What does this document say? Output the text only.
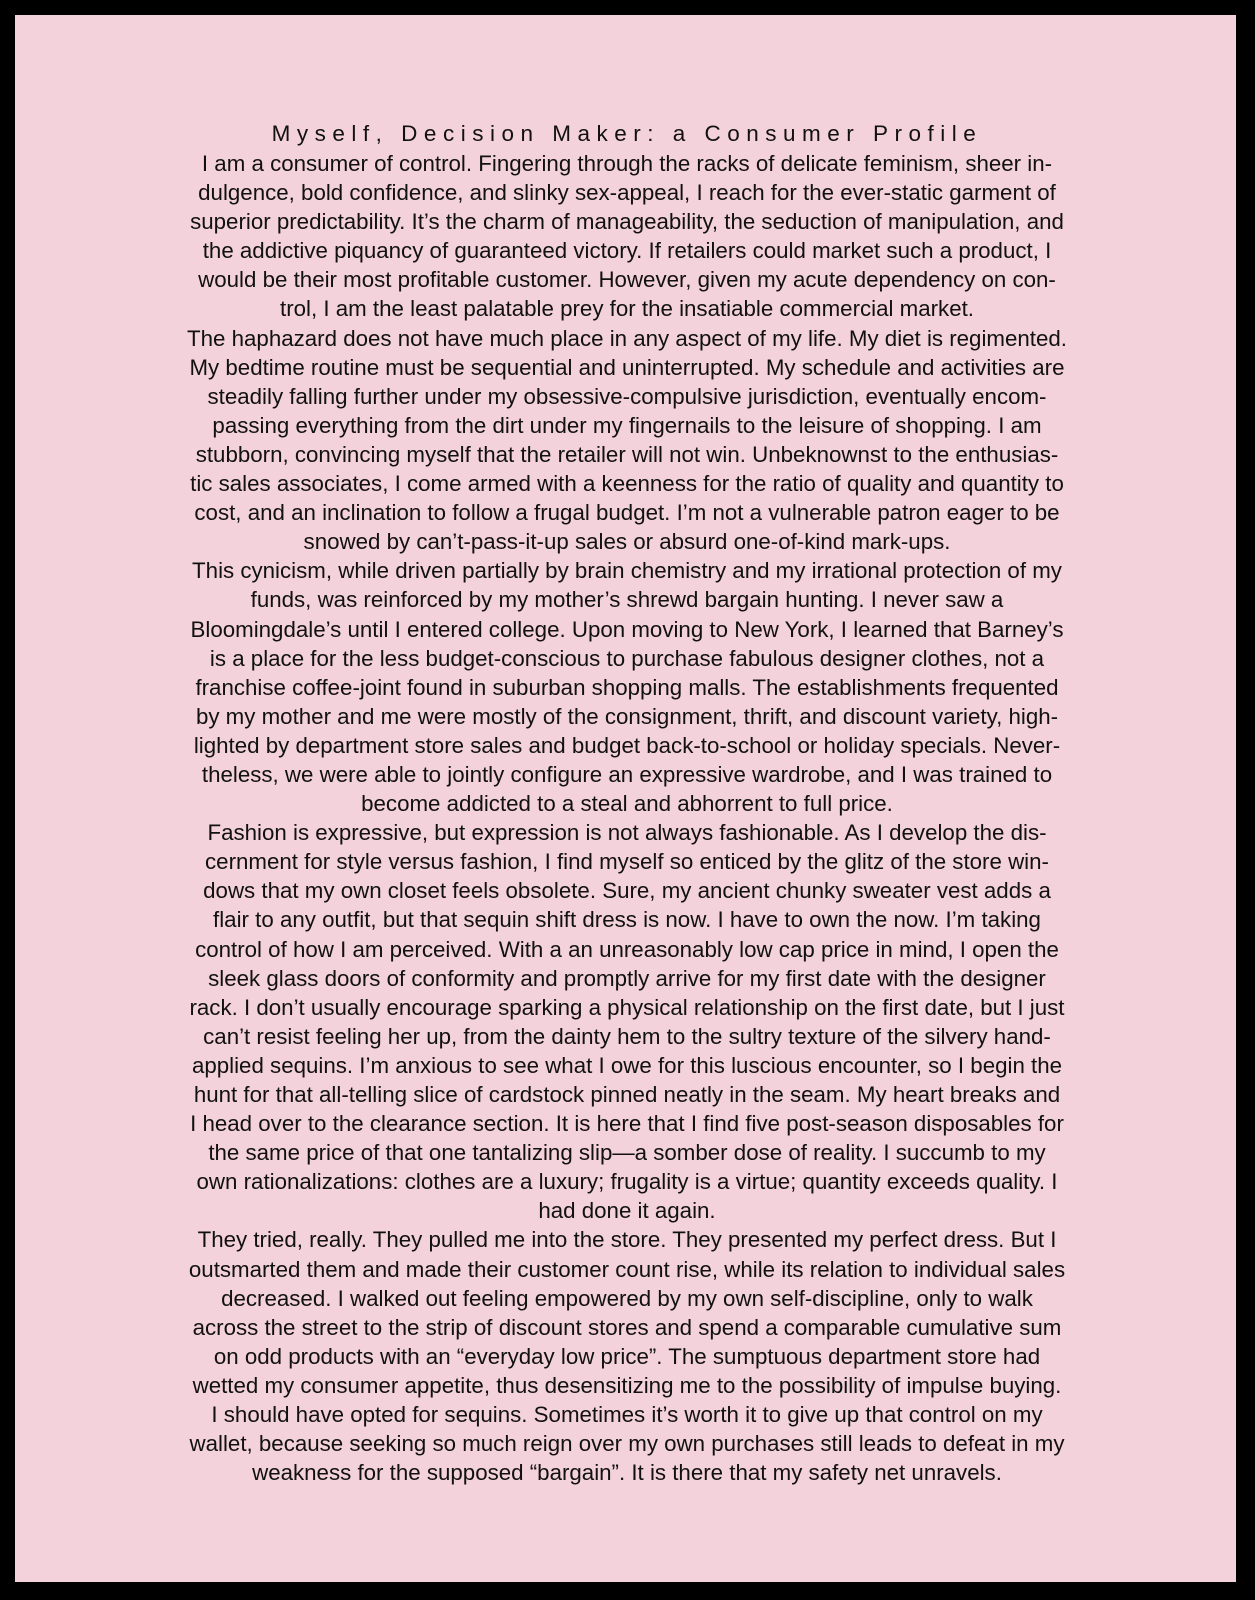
Myself, Decision Maker: a Consumer Profile

I am a consumer of control. Fingering through the racks of delicate feminism, sheer in-
dulgence, bold confidence, and slinky sex-appeal, I reach for the ever-static garment of
superior predictability. It’s the charm of manageability, the seduction of manipulation, and
the addictive piquancy of guaranteed victory. If retailers could market such a product, I
would be their most profitable customer. However, given my acute dependency on con-
trol, I am the least palatable prey for the insatiable commercial market.

The haphazard does not have much place in any aspect of my life. My diet is regimented.
My bedtime routine must be sequential and uninterrupted. My schedule and activities are
steadily falling further under my obsessive-compulsive jurisdiction, eventually encom-
passing everything from the dirt under my fingernails to the leisure of shopping. I am
stubborn, convincing myself that the retailer will not win. Unbeknownst to the enthusias-
tic sales associates, I come armed with a keenness for the ratio of quality and quantity to
cost, and an inclination to follow a frugal budget. I’m not a vulnerable patron eager to be
snowed by can’t-pass-it-up sales or absurd one-of-kind mark-ups.

This cynicism, while driven partially by brain chemistry and my irrational protection of my
funds, was reinforced by my mother’s shrewd bargain hunting. I never saw a
Bloomingdale’s until I entered college. Upon moving to New York, I learned that Barney’s
is a place for the less budget-conscious to purchase fabulous designer clothes, not a
franchise coffee-joint found in suburban shopping malls. The establishments frequented
by my mother and me were mostly of the consignment, thrift, and discount variety, high-
lighted by department store sales and budget back-to-school or holiday specials. Never-
theless, we were able to jointly configure an expressive wardrobe, and I was trained to
become addicted to a steal and abhorrent to full price.

Fashion is expressive, but expression is not always fashionable. As I develop the dis-
cernment for style versus fashion, I find myself so enticed by the glitz of the store win-
dows that my own closet feels obsolete. Sure, my ancient chunky sweater vest adds a
flair to any outfit, but that sequin shift dress is now. I have to own the now. I’m taking
control of how I am perceived. With a an unreasonably low cap price in mind, I open the
sleek glass doors of conformity and promptly arrive for my first date with the designer
rack. I don’t usually encourage sparking a physical relationship on the first date, but I just
can’t resist feeling her up, from the dainty hem to the sultry texture of the silvery hand-
applied sequins. I’m anxious to see what I owe for this luscious encounter, so I begin the
hunt for that all-telling slice of cardstock pinned neatly in the seam. My heart breaks and
I head over to the clearance section. It is here that I find five post-season disposables for
the same price of that one tantalizing slip—a somber dose of reality. I succumb to my
own rationalizations: clothes are a luxury; frugality is a virtue; quantity exceeds quality. I
had done it again.

They tried, really. They pulled me into the store. They presented my perfect dress. But I
outsmarted them and made their customer count rise, while its relation to individual sales
decreased. I walked out feeling empowered by my own self-discipline, only to walk
across the street to the strip of discount stores and spend a comparable cumulative sum
on odd products with an “everyday low price”. The sumptuous department store had
wetted my consumer appetite, thus desensitizing me to the possibility of impulse buying.
I should have opted for sequins. Sometimes it’s worth it to give up that control on my
wallet, because seeking so much reign over my own purchases still leads to defeat in my
weakness for the supposed “bargain”. It is there that my safety net unravels.
